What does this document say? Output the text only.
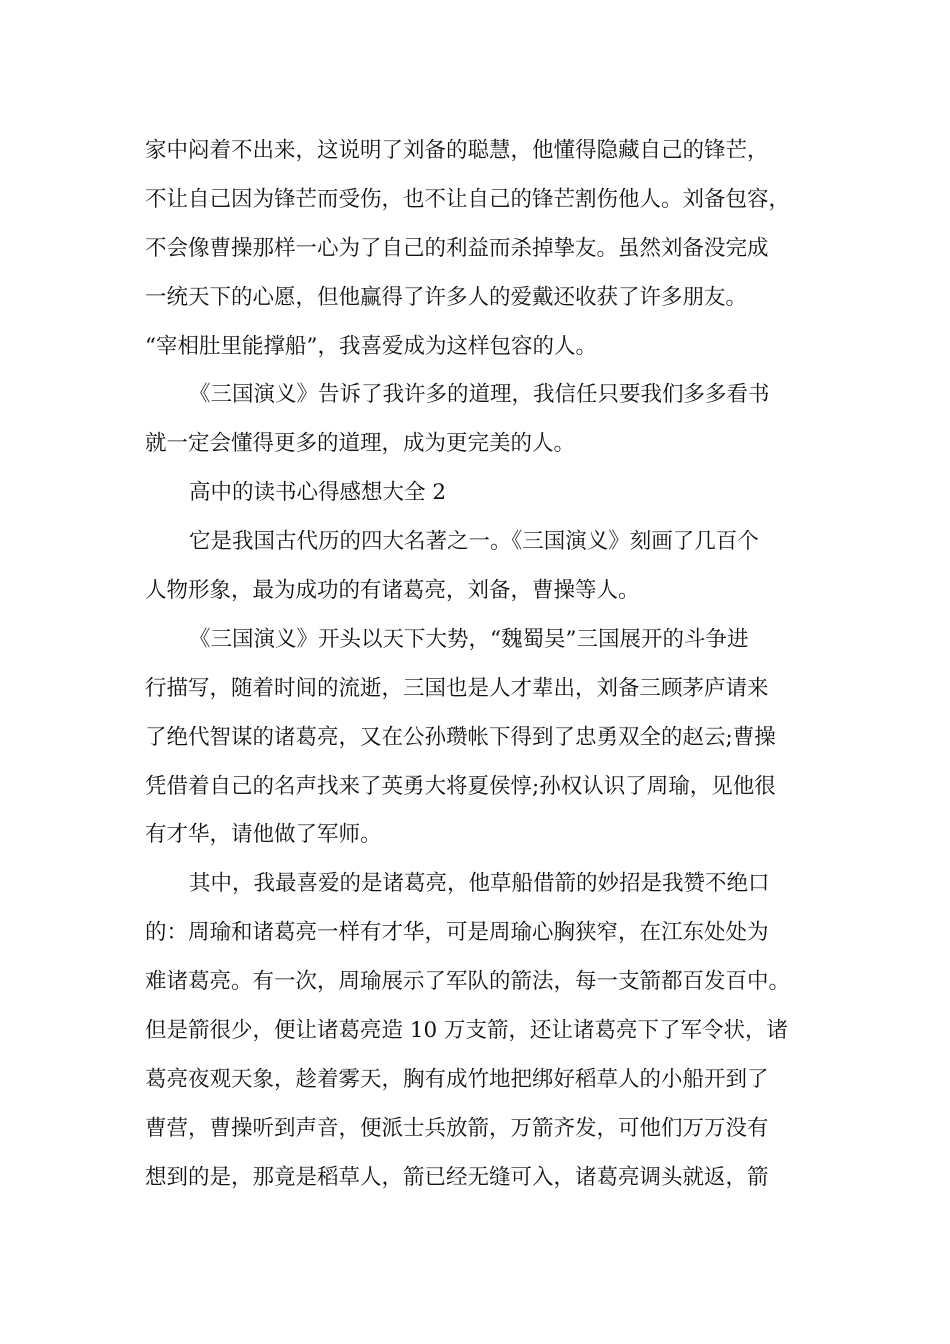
家中闷着不出来，这说明了刘备的聪慧，他懂得隐藏自己的锋芒，
不让自己因为锋芒而受伤，也不让自己的锋芒割伤他人。刘备包容，
不会像曹操那样一心为了自己的利益而杀掉挚友。虽然刘备没完成
一统天下的心愿，但他赢得了许多人的爱戴还收获了许多朋友。
“宰相肚里能撑船”，我喜爱成为这样包容的人。
《三国演义》告诉了我许多的道理，我信任只要我们多多看书
就一定会懂得更多的道理，成为更完美的人。
高中的读书心得感想大全 2
它是我国古代历的四大名著之一。《三国演义》刻画了几百个
人物形象，最为成功的有诸葛亮，刘备，曹操等人。
《三国演义》开头以天下大势，“魏蜀吴”三国展开的斗争进
行描写，随着时间的流逝，三国也是人才辈出，刘备三顾茅庐请来
了绝代智谋的诸葛亮，又在公孙瓒帐下得到了忠勇双全的赵云;曹操
凭借着自己的名声找来了英勇大将夏侯惇;孙权认识了周瑜，见他很
有才华，请他做了军师。
其中，我最喜爱的是诸葛亮，他草船借箭的妙招是我赞不绝口
的：周瑜和诸葛亮一样有才华，可是周瑜心胸狭窄，在江东处处为
难诸葛亮。有一次，周瑜展示了军队的箭法，每一支箭都百发百中。
但是箭很少，便让诸葛亮造 10 万支箭，还让诸葛亮下了军令状，诸
葛亮夜观天象，趁着雾天，胸有成竹地把绑好稻草人的小船开到了
曹营，曹操听到声音，便派士兵放箭，万箭齐发，可他们万万没有
想到的是，那竟是稻草人，箭已经无缝可入，诸葛亮调头就返，箭
